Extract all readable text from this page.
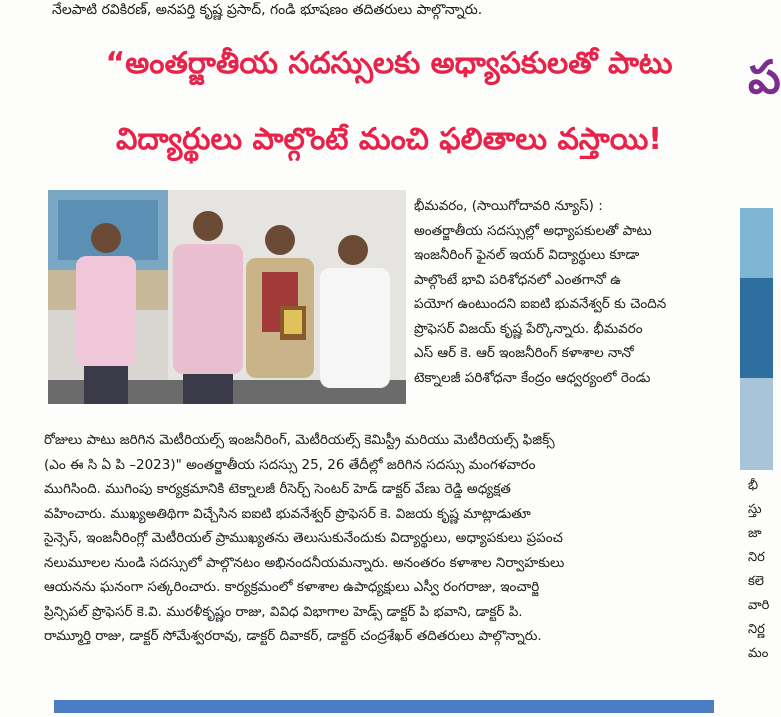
నేలపాటి రవికిరణ్, అనపర్తి కృష్ణ ప్రసాద్, గండి భూషణం తదితరులు పాల్గొన్నారు.
“అంతర్జాతీయ సదస్సులకు అధ్యాపకులతో పాటు
విద్యార్థులు పాల్గొంటే మంచి ఫలితాలు వస్తాయి!
ప
భీమవరం, (సాయిగోదావరి న్యూస్) :
అంతర్జాతీయ సదస్సుల్లో అధ్యాపకులతో పాటు
ఇంజనీరింగ్ ఫైనల్ ఇయర్ విద్యార్థులు కూడా
పాల్గొంటే భావి పరిశోధనలో ఎంతగానో ఉ
పయోగ ఉంటుందని ఐఐటి భువనేశ్వర్ కు చెందిన
ప్రొఫెసర్ విజయ్ కృష్ణ పేర్కొన్నారు. భీమవరం
ఎస్ ఆర్ కె. ఆర్ ఇంజనీరింగ్ కళాశాల నానో
టెక్నాలజీ పరిశోధనా కేంద్రం ఆధ్వర్యంలో రెండు
రోజులు పాటు జరిగిన మెటీరియల్స్ ఇంజనీరింగ్, మెటీరియల్స్ కెమిస్ట్రీ మరియు మెటీరియల్స్ ఫిజిక్స్
(ఎం ఈ సి ఏ పి –2023)" అంతర్జాతీయ సదస్సు 25, 26 తేదీల్లో జరిగిన సదస్సు మంగళవారం
ముగిసింది. ముగింపు కార్యక్రమానికి టెక్నాలజీ రీసెర్చ్ సెంటర్ హెడ్ డాక్టర్ వేణు రెడ్డి అధ్యక్షత
వహించారు. ముఖ్యఅతిథిగా విచ్చేసిన ఐఐటి భువనేశ్వర్ ప్రొఫెసర్ కె. విజయ కృష్ణ మాట్లాడుతూ
సైన్సెస్, ఇంజనీరింగ్లో మెటీరియల్ ప్రాముఖ్యతను తెలుసుకునేందుకు విద్యార్థులు, అధ్యాపకులు ప్రపంచ
నలుమూలల నుండి సదస్సులో పాల్గొనటం అభినందనీయమన్నారు. అనంతరం కళాశాల నిర్వాహకులు
ఆయనను ఘనంగా సత్కరించారు. కార్యక్రమంలో కళాశాల ఉపాధ్యక్షులు ఎస్వీ రంగరాజు, ఇంచార్జి
ప్రిన్సిపల్ ప్రొఫెసర్ కె.వి. మురళీకృష్ణం రాజు, వివిధ విభాగాల హెడ్స్ డాక్టర్ పి భవాని, డాక్టర్ పి.
రామ్మూర్తి రాజు, డాక్టర్ సోమేశ్వరరావు, డాక్టర్ దివాకర్, డాక్టర్ చంద్రశేఖర్ తదితరులు పాల్గొన్నారు.
భీ
స్తు
జా
నిర
కలె
వారి
నిర్ణ
మం
